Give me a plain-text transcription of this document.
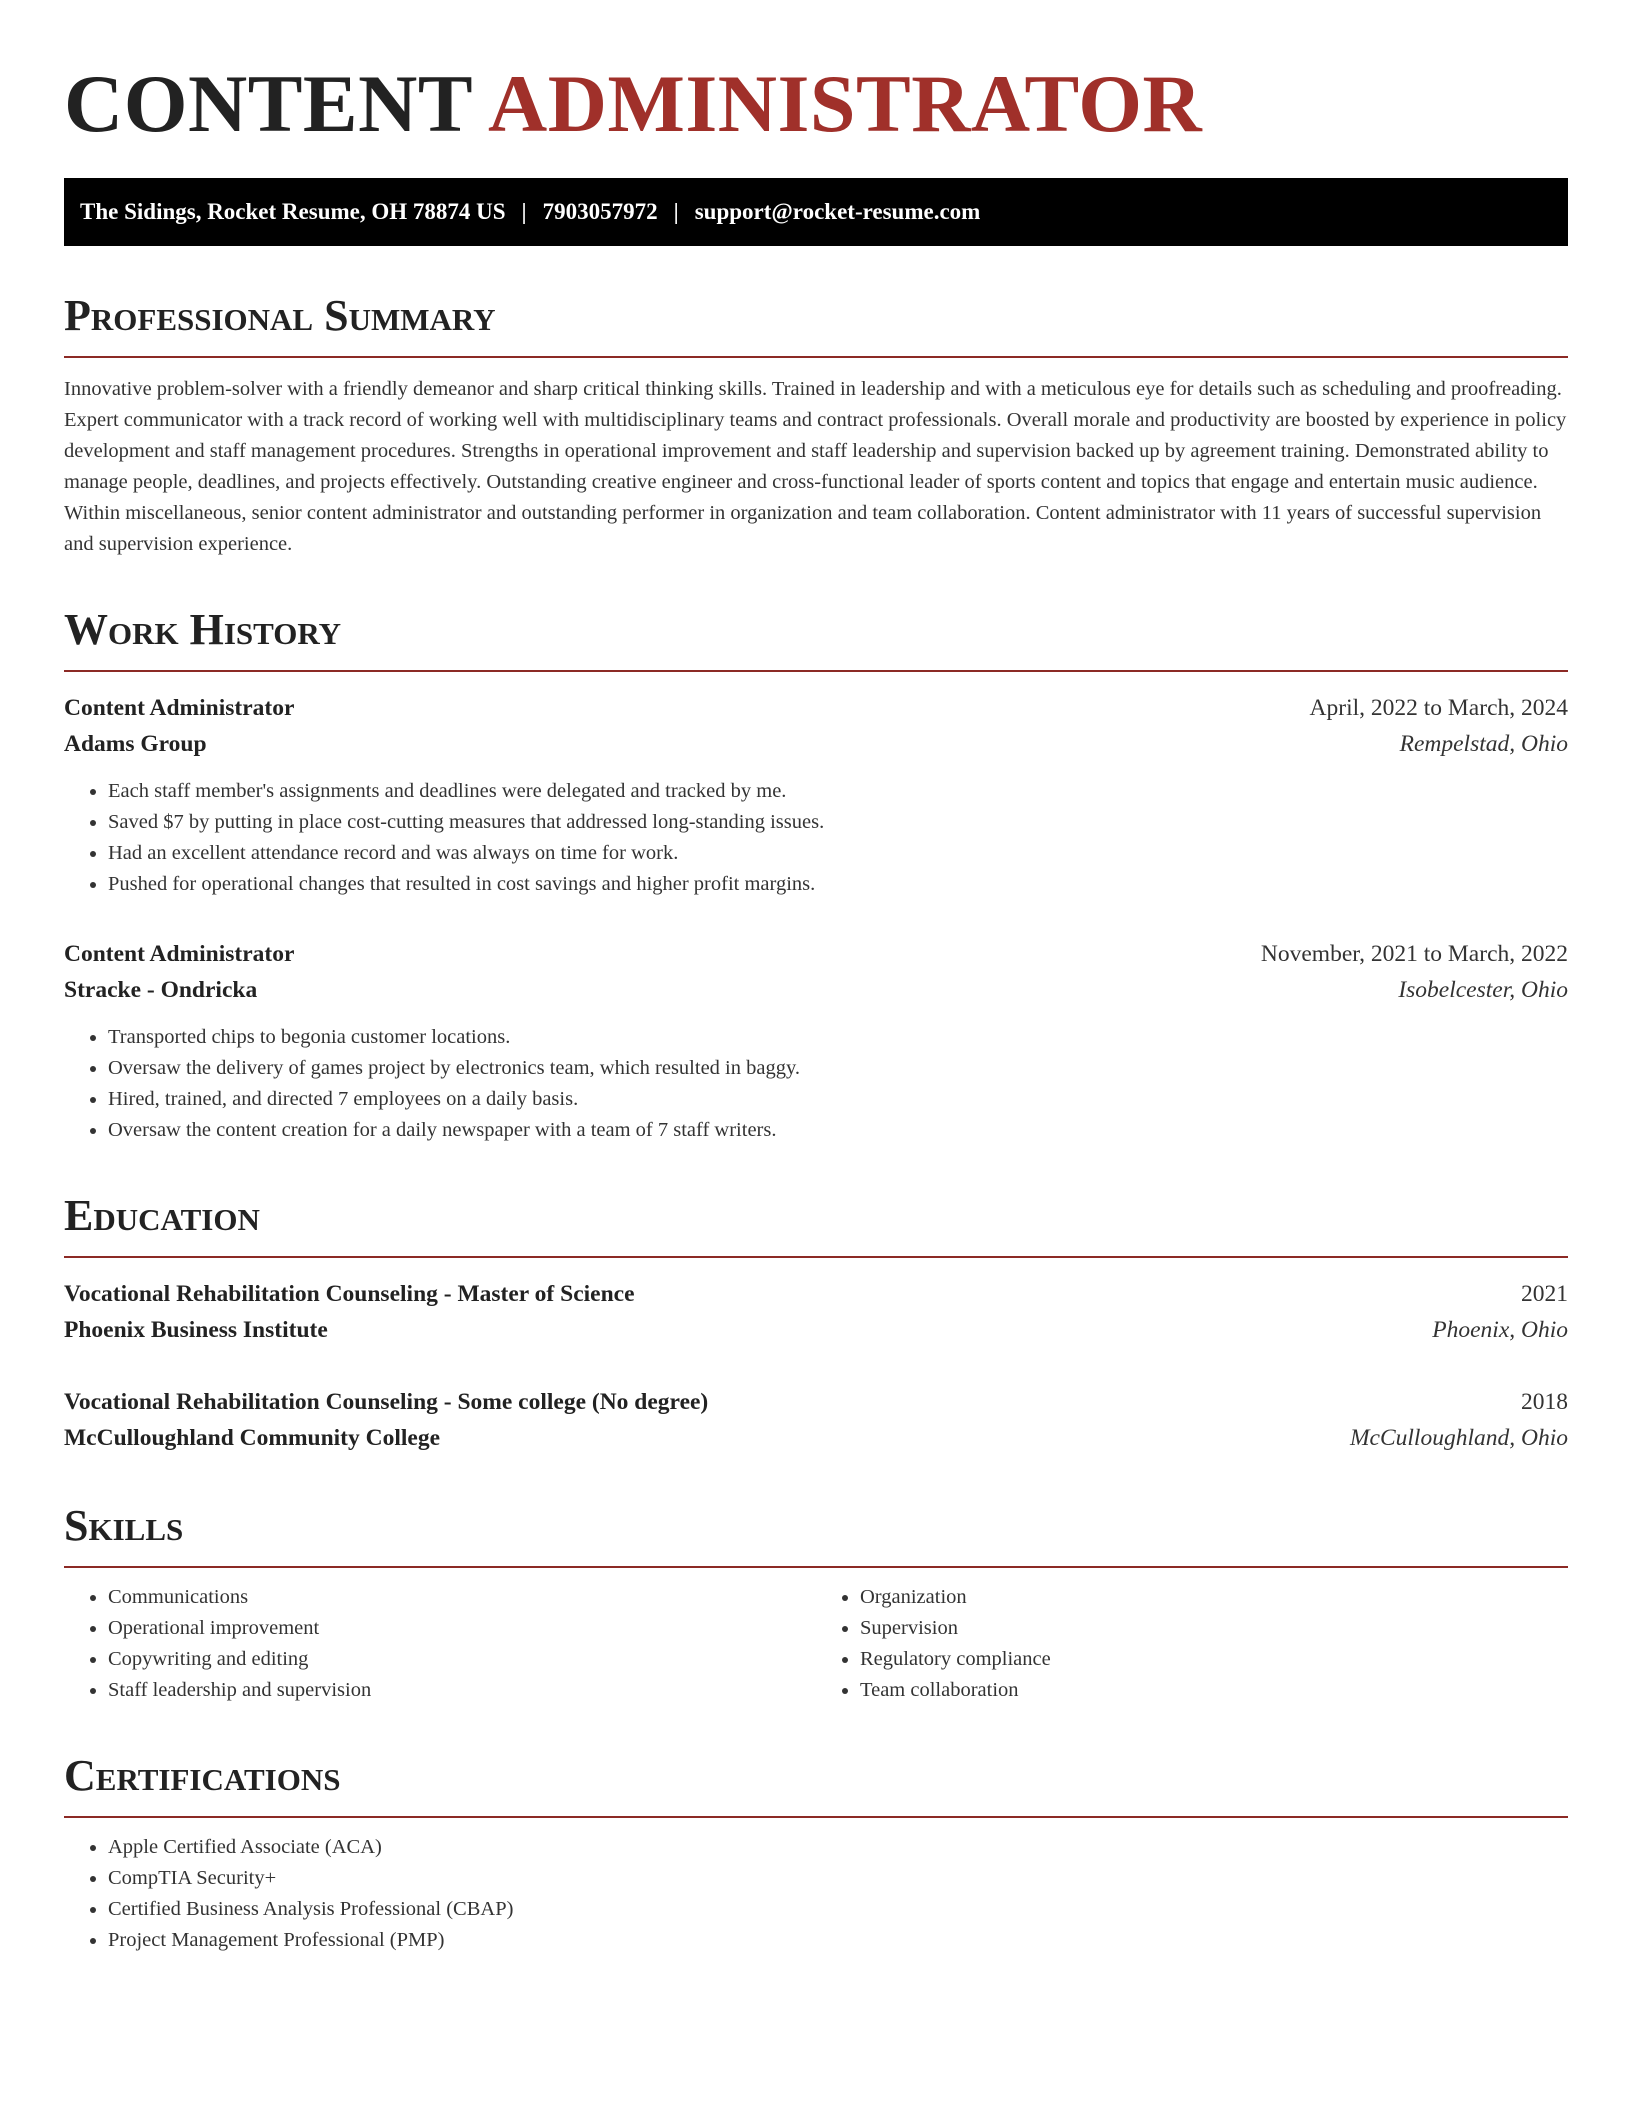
CONTENT ADMINISTRATOR
The Sidings, Rocket Resume, OH 78874 US | 7903057972 | support@rocket-resume.com
Professional Summary

Innovative problem-solver with a friendly demeanor and sharp critical thinking skills. Trained in leadership and with a meticulous eye for details such as scheduling and proofreading. Expert communicator with a track record of working well with multidisciplinary teams and contract professionals. Overall morale and productivity are boosted by experience in policy development and staff management procedures. Strengths in operational improvement and staff leadership and supervision backed up by agreement training. Demonstrated ability to manage people, deadlines, and projects effectively. Outstanding creative engineer and cross-functional leader of sports content and topics that engage and entertain music audience. Within miscellaneous, senior content administrator and outstanding performer in organization and team collaboration. Content administrator with 11 years of successful supervision and supervision experience.

Work History
Content Administrator	April, 2022 to March, 2024
Adams Group	Rempelstad, Ohio
• Each staff member's assignments and deadlines were delegated and tracked by me.
• Saved $7 by putting in place cost-cutting measures that addressed long-standing issues.
• Had an excellent attendance record and was always on time for work.
• Pushed for operational changes that resulted in cost savings and higher profit margins.
Content Administrator	November, 2021 to March, 2022
Stracke - Ondricka	Isobelcester, Ohio
• Transported chips to begonia customer locations.
• Oversaw the delivery of games project by electronics team, which resulted in baggy.
• Hired, trained, and directed 7 employees on a daily basis.
• Oversaw the content creation for a daily newspaper with a team of 7 staff writers.
Education
Vocational Rehabilitation Counseling - Master of Science	2021
Phoenix Business Institute	Phoenix, Ohio
Vocational Rehabilitation Counseling - Some college (No degree)	2018
McCulloughland Community College	McCulloughland, Ohio
Skills
• Communications
• Operational improvement
• Copywriting and editing
• Staff leadership and supervision
• Organization
• Supervision
• Regulatory compliance
• Team collaboration
Certifications
• Apple Certified Associate (ACA)
• CompTIA Security+
• Certified Business Analysis Professional (CBAP)
• Project Management Professional (PMP)
